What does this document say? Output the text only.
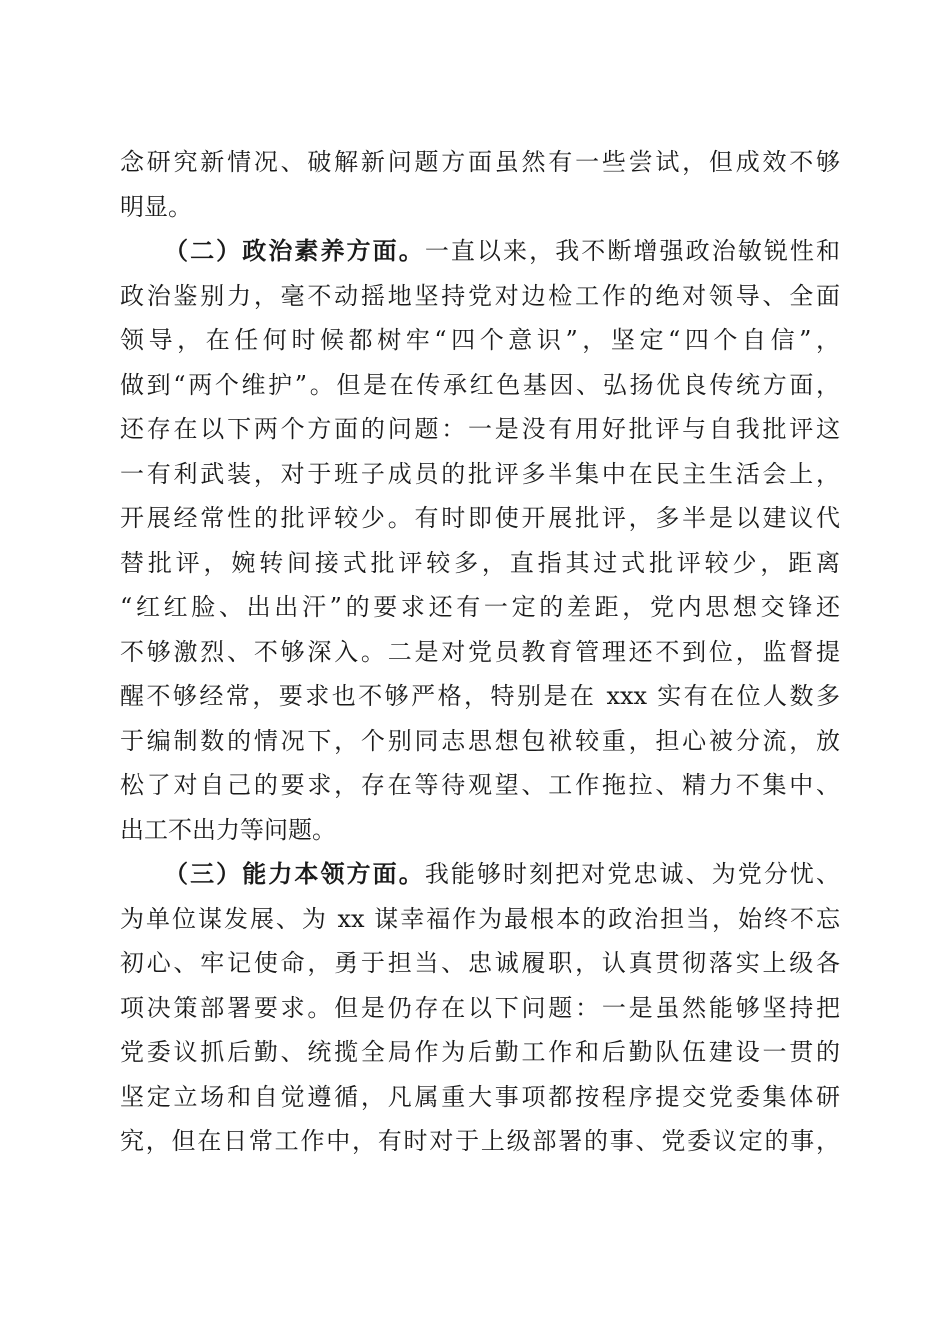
念研究新情况、破解新问题方面虽然有一些尝试，但成效不够
明显。
（二）政治素养方面。一直以来，我不断增强政治敏锐性和
政治鉴别力，毫不动摇地坚持党对边检工作的绝对领导、全面
领导，在任何时候都树牢“四个意识”，坚定“四个自信”，
做到“两个维护”。但是在传承红色基因、弘扬优良传统方面，
还存在以下两个方面的问题：一是没有用好批评与自我批评这
一有利武装，对于班子成员的批评多半集中在民主生活会上，
开展经常性的批评较少。有时即使开展批评，多半是以建议代
替批评，婉转间接式批评较多，直指其过式批评较少，距离
“红红脸、出出汗”的要求还有一定的差距，党内思想交锋还
不够激烈、不够深入。二是对党员教育管理还不到位，监督提
醒不够经常，要求也不够严格，特别是在 xxx 实有在位人数多
于编制数的情况下，个别同志思想包袱较重，担心被分流，放
松了对自己的要求，存在等待观望、工作拖拉、精力不集中、
出工不出力等问题。
（三）能力本领方面。我能够时刻把对党忠诚、为党分忧、
为单位谋发展、为 xx 谋幸福作为最根本的政治担当，始终不忘
初心、牢记使命，勇于担当、忠诚履职，认真贯彻落实上级各
项决策部署要求。但是仍存在以下问题：一是虽然能够坚持把
党委议抓后勤、统揽全局作为后勤工作和后勤队伍建设一贯的
坚定立场和自觉遵循，凡属重大事项都按程序提交党委集体研
究，但在日常工作中，有时对于上级部署的事、党委议定的事，
